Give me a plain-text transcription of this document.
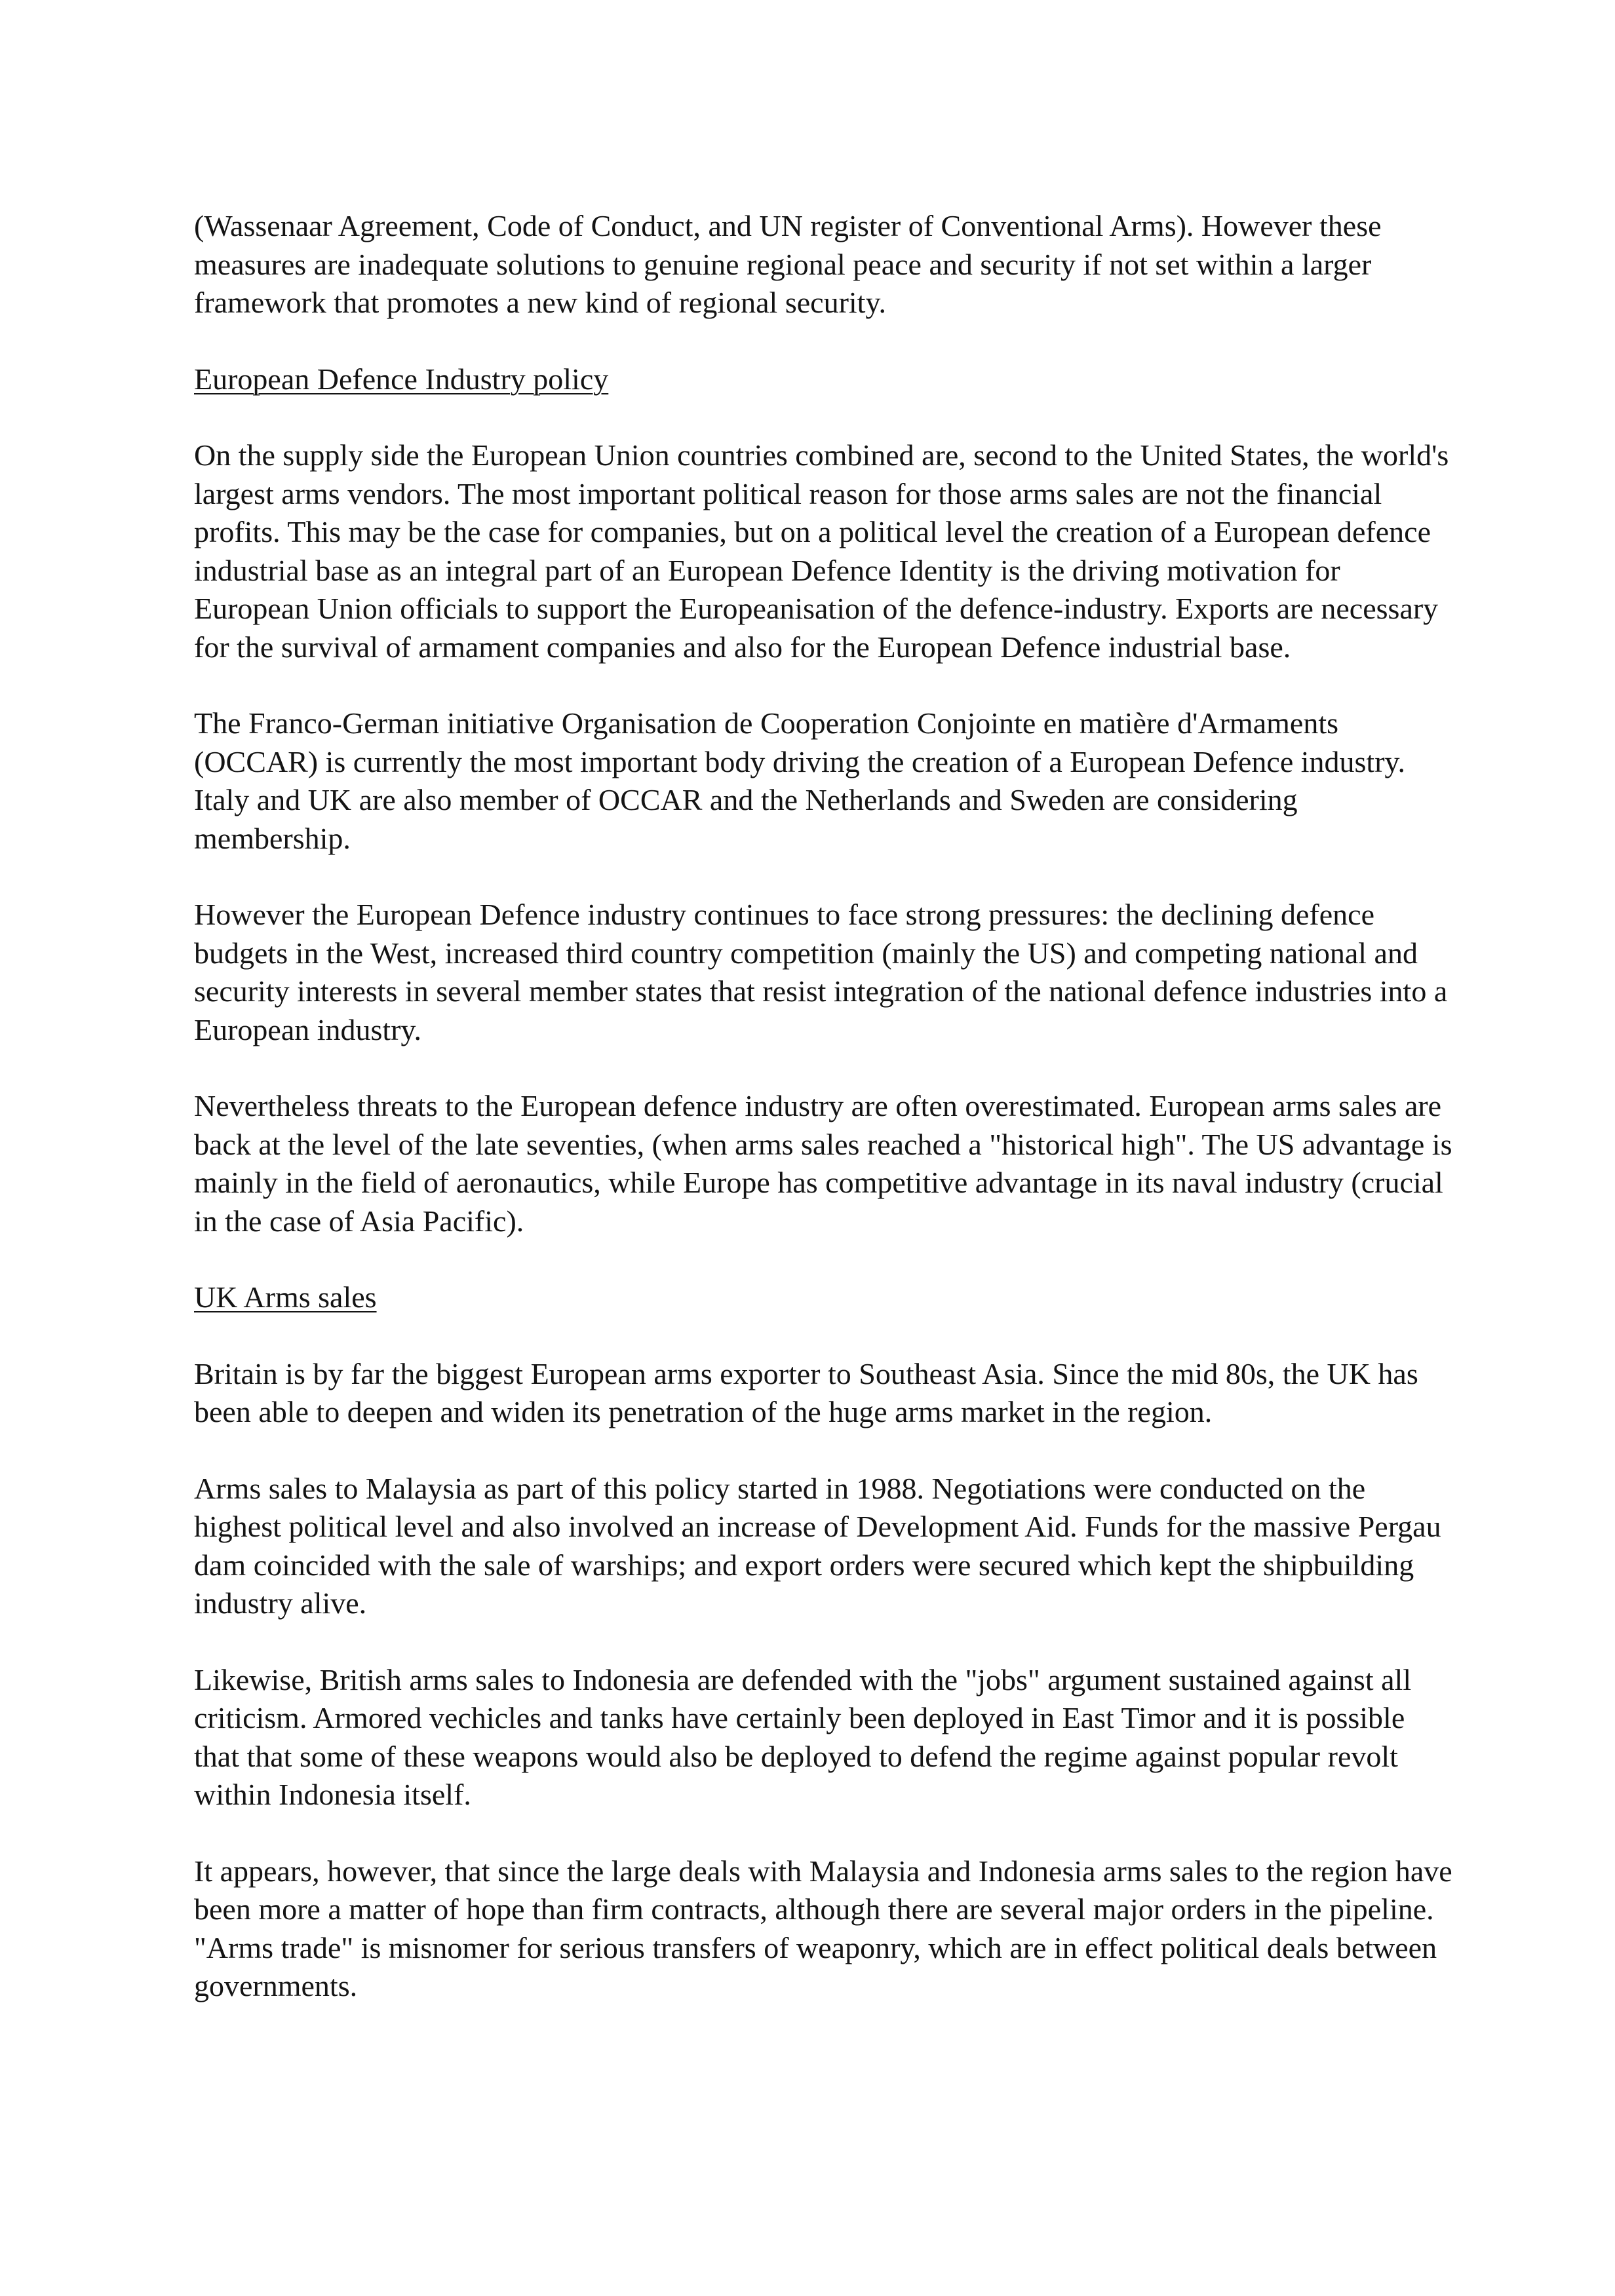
(Wassenaar Agreement, Code of Conduct, and UN register of Conventional Arms). However these measures are inadequate solutions to genuine regional peace and security if not set within a larger framework that promotes a new kind of regional security.

European Defence Industry policy

On the supply side the European Union countries combined are, second to the United States, the world's largest arms vendors. The most important political reason for those arms sales are not the financial profits. This may be the case for companies, but on a political level the creation of a European defence industrial base as an integral part of an European Defence Identity is the driving motivation for European Union officials to support the Europeanisation of the defence-industry. Exports are necessary for the survival of armament companies and also for the European Defence industrial base.

The Franco-German initiative Organisation de Cooperation Conjointe en matière d'Armaments (OCCAR) is currently the most important body driving the creation of a European Defence industry. Italy and UK are also member of OCCAR and the Netherlands and Sweden are considering membership.

However the European Defence industry continues to face strong pressures: the declining defence budgets in the West, increased third country competition (mainly the US) and competing national and security interests in several member states that resist integration of the national defence industries into a European industry.

Nevertheless threats to the European defence industry are often overestimated. European arms sales are back at the level of the late seventies, (when arms sales reached a "historical high". The US advantage is mainly in the field of aeronautics, while Europe has competitive advantage in its naval industry (crucial in the case of Asia Pacific).

UK Arms sales

Britain is by far the biggest European arms exporter to Southeast Asia. Since the mid 80s, the UK has been able to deepen and widen its penetration of the huge arms market in the region.

Arms sales to Malaysia as part of this policy started in 1988. Negotiations were conducted on the highest political level and also involved an increase of Development Aid. Funds for the massive Pergau dam coincided with the sale of warships; and export orders were secured which kept the shipbuilding industry alive.

Likewise, British arms sales to Indonesia are defended with the "jobs" argument sustained against all criticism. Armored vechicles and tanks have certainly been deployed in East Timor and it is possible that that some of these weapons would also be deployed to defend the regime against popular revolt within Indonesia itself.

It appears, however, that since the large deals with Malaysia and Indonesia arms sales to the region have been more a matter of hope than firm contracts, although there are several major orders in the pipeline. "Arms trade" is misnomer for serious transfers of weaponry, which are in effect political deals between governments.
